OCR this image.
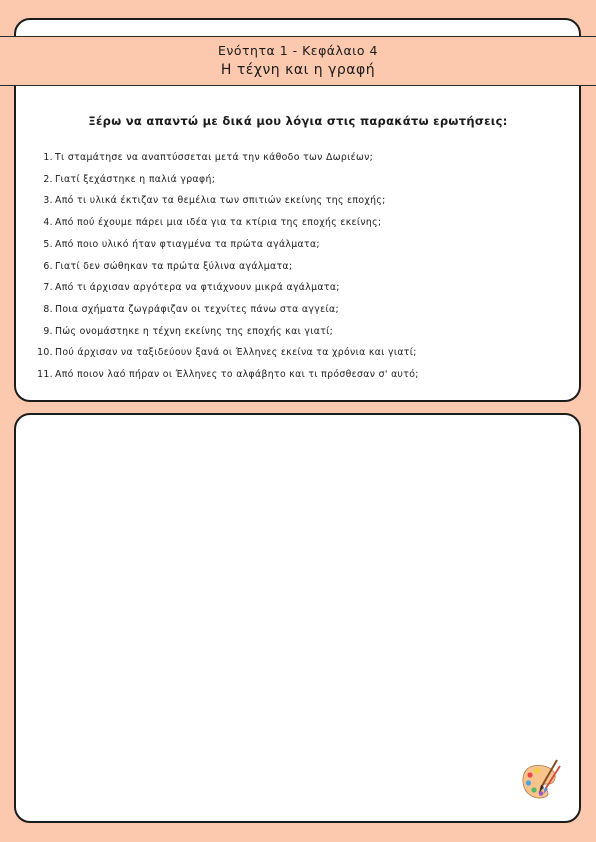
Ενότητα 1 - Κεφάλαιο 4
Η τέχνη και η γραφή
Ξέρω να απαντώ με δικά μου λόγια στις παρακάτω ερωτήσεις:
1. Τι σταμάτησε να αναπτύσσεται μετά την κάθοδο των Δωριέων;
2. Γιατί ξεχάστηκε η παλιά γραφή;
3. Από τι υλικά έκτιζαν τα θεμέλια των σπιτιών εκείνης της εποχής;
4. Από πού έχουμε πάρει μια ιδέα για τα κτίρια της εποχής εκείνης;
5. Από ποιο υλικό ήταν φτιαγμένα τα πρώτα αγάλματα;
6. Γιατί δεν σώθηκαν τα πρώτα ξύλινα αγάλματα;
7. Από τι άρχισαν αργότερα να φτιάχνουν μικρά αγάλματα;
8. Ποια σχήματα ζωγράφιζαν οι τεχνίτες πάνω στα αγγεία;
9. Πώς ονομάστηκε η τέχνη εκείνης της εποχής και γιατί;
10. Πού άρχισαν να ταξιδεύουν ξανά οι Έλληνες εκείνα τα χρόνια και γιατί;
11. Από ποιον λαό πήραν οι Έλληνες το αλφάβητο και τι πρόσθεσαν σ' αυτό;
